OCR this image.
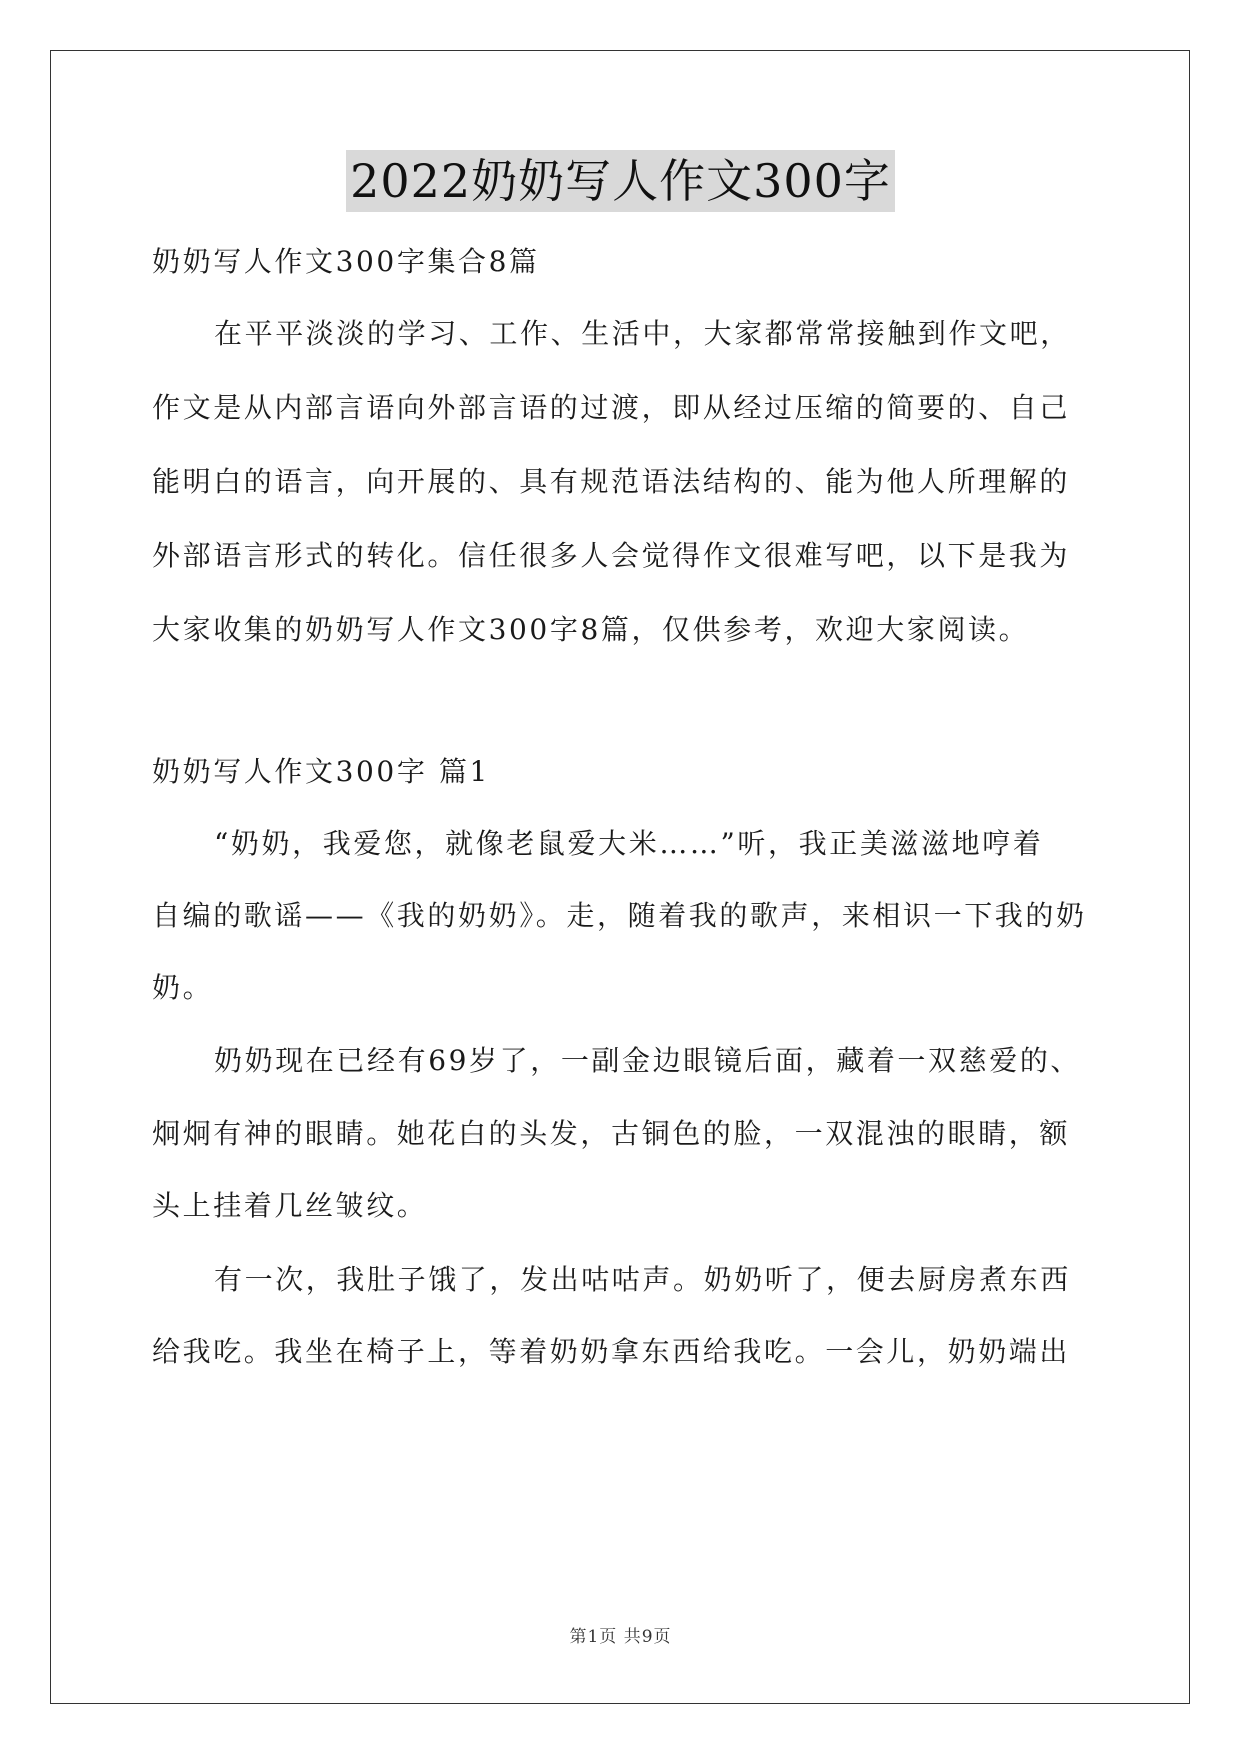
2022奶奶写人作文300字
奶奶写人作文300字集合8篇
在平平淡淡的学习、工作、生活中，大家都常常接触到作文吧，
作文是从内部言语向外部言语的过渡，即从经过压缩的简要的、自己
能明白的语言，向开展的、具有规范语法结构的、能为他人所理解的
外部语言形式的转化。信任很多人会觉得作文很难写吧，以下是我为
大家收集的奶奶写人作文300字8篇，仅供参考，欢迎大家阅读。
奶奶写人作文300字 篇1
“奶奶，我爱您，就像老鼠爱大米……”听，我正美滋滋地哼着
自编的歌谣——《我的奶奶》。走，随着我的歌声，来相识一下我的奶
奶。
奶奶现在已经有69岁了，一副金边眼镜后面，藏着一双慈爱的、
炯炯有神的眼睛。她花白的头发，古铜色的脸，一双混浊的眼睛，额
头上挂着几丝皱纹。
有一次，我肚子饿了，发出咕咕声。奶奶听了，便去厨房煮东西
给我吃。我坐在椅子上，等着奶奶拿东西给我吃。一会儿，奶奶端出
第1页 共9页
